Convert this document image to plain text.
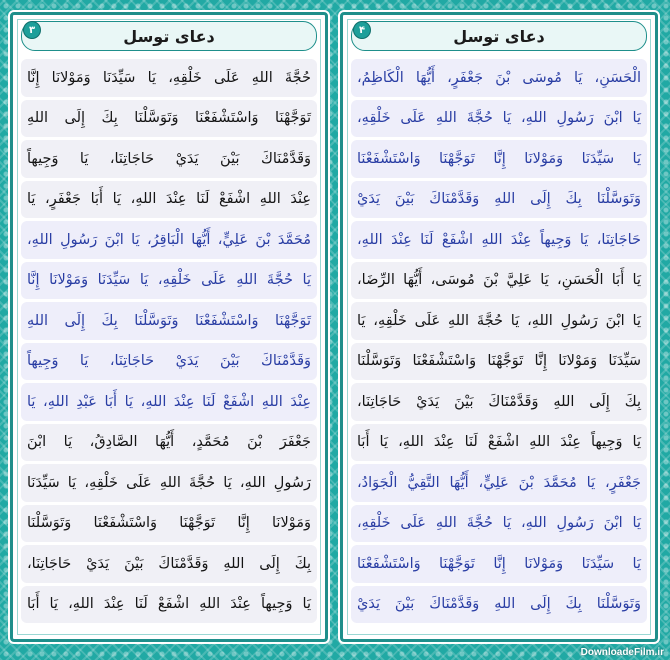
دعای توسل
۴
الْحَسَنِ، يَا مُوسَى بْنَ جَعْفَرٍ، أَيُّهَا الْكَاظِمُ،
يَا ابْنَ رَسُولِ اللهِ، يَا حُجَّةَ اللهِ عَلَى خَلْقِهِ،
يَا سَيِّدَنَا وَمَوْلانَا إِنَّا تَوَجَّهْنَا وَاسْتَشْفَعْنَا
وَتَوَسَّلْنَا بِكَ إِلَى اللهِ وَقَدَّمْنَاكَ بَيْنَ يَدَيْ
حَاجَاتِنَا، يَا وَجِيهاً عِنْدَ اللهِ اشْفَعْ لَنَا عِنْدَ اللهِ،
يَا أَبَا الْحَسَنِ، يَا عَلِيَّ بْنَ مُوسَى، أَيُّهَا الرِّضَا،
يَا ابْنَ رَسُولِ اللهِ، يَا حُجَّةَ اللهِ عَلَى خَلْقِهِ، يَا
سَيِّدَنَا وَمَوْلانَا إِنَّا تَوَجَّهْنَا وَاسْتَشْفَعْنَا وَتَوَسَّلْنَا
بِكَ إِلَى اللهِ وَقَدَّمْنَاكَ بَيْنَ يَدَيْ حَاجَاتِنَا،
يَا وَجِيهاً عِنْدَ اللهِ اشْفَعْ لَنَا عِنْدَ اللهِ، يَا أَبَا
جَعْفَرٍ، يَا مُحَمَّدَ بْنَ عَلِيٍّ، أَيُّهَا التَّقِيُّ الْجَوَادُ،
يَا ابْنَ رَسُولِ اللهِ، يَا حُجَّةَ اللهِ عَلَى خَلْقِهِ،
يَا سَيِّدَنَا وَمَوْلانَا إِنَّا تَوَجَّهْنَا وَاسْتَشْفَعْنَا
وَتَوَسَّلْنَا بِكَ إِلَى اللهِ وَقَدَّمْنَاكَ بَيْنَ يَدَيْ
دعای توسل
۳
حُجَّةَ اللهِ عَلَى خَلْقِهِ، يَا سَيِّدَنَا وَمَوْلانَا إِنَّا
تَوَجَّهْنَا وَاسْتَشْفَعْنَا وَتَوَسَّلْنَا بِكَ إِلَى اللهِ
وَقَدَّمْنَاكَ بَيْنَ يَدَيْ حَاجَاتِنَا، يَا وَجِيهاً
عِنْدَ اللهِ اشْفَعْ لَنَا عِنْدَ اللهِ، يَا أَبَا جَعْفَرٍ، يَا
مُحَمَّدَ بْنَ عَلِيٍّ، أَيُّهَا الْبَاقِرُ، يَا ابْنَ رَسُولِ اللهِ،
يَا حُجَّةَ اللهِ عَلَى خَلْقِهِ، يَا سَيِّدَنَا وَمَوْلانَا إِنَّا
تَوَجَّهْنَا وَاسْتَشْفَعْنَا وَتَوَسَّلْنَا بِكَ إِلَى اللهِ
وَقَدَّمْنَاكَ بَيْنَ يَدَيْ حَاجَاتِنَا، يَا وَجِيهاً
عِنْدَ اللهِ اشْفَعْ لَنَا عِنْدَ اللهِ، يَا أَبَا عَبْدِ اللهِ، يَا
جَعْفَرَ بْنَ مُحَمَّدٍ، أَيُّهَا الصَّادِقُ، يَا ابْنَ
رَسُولِ اللهِ، يَا حُجَّةَ اللهِ عَلَى خَلْقِهِ، يَا سَيِّدَنَا
وَمَوْلانَا إِنَّا تَوَجَّهْنَا وَاسْتَشْفَعْنَا وَتَوَسَّلْنَا
بِكَ إِلَى اللهِ وَقَدَّمْنَاكَ بَيْنَ يَدَيْ حَاجَاتِنَا،
يَا وَجِيهاً عِنْدَ اللهِ اشْفَعْ لَنَا عِنْدَ اللهِ، يَا أَبَا
DownloadeFilm.ir
